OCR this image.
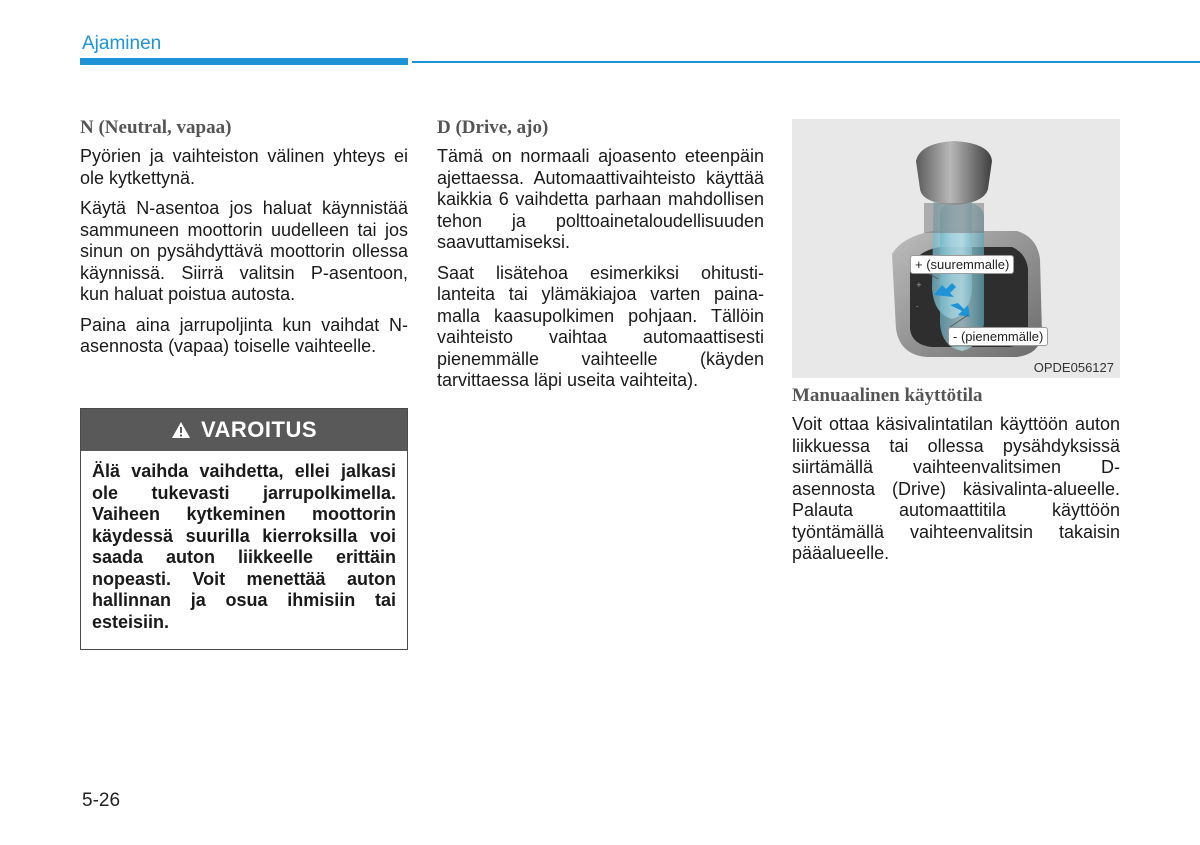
Ajaminen
N (Neutral, vapaa)

Pyörien ja vaihteiston välinen yhteys ei ole kytkettynä.

Käytä N-asentoa jos haluat käynnistää sammuneen moottorin uudelleen tai jos sinun on pysähdyttävä moottorin ollessa käynnissä. Siirrä valitsin P-asentoon, kun haluat poistua autosta.

Paina aina jarrupoljinta kun vaihdat N-asennosta (vapaa) toiselle vaihteelle.

VAROITUS
Älä vaihda vaihdetta, ellei jalkasi ole tukevasti jarrupolkimella. Vaiheen kytkeminen moottorin käydessä suurilla kierroksilla voi saada auton liikkeelle erittäin nopeasti. Voit menettää auton hallinnan ja osua ihmisiin tai esteisiin.
D (Drive, ajo)

Tämä on normaali ajoasento eteenpäin ajettaessa. Automaattivaihteisto käyttää kaikkia 6 vaihdetta parhaan mahdollisen tehon ja polttoainetaloudellisuuden saavuttamiseksi.

Saat lisätehoa esimerkiksi ohitustilanteita tai ylämäkiajoa varten painamalla kaasupolkimen pohjaan. Tällöin vaihteisto vaihtaa automaattisesti pienemmälle vaihteelle (käyden tarvittaessa läpi useita vaihteita).

+
-
+ (suuremmalle)
- (pienemmälle)
OPDE056127
Manuaalinen käyttötila

Voit ottaa käsivalintatilan käyttöön auton liikkuessa tai ollessa pysähdyksissä siirtämällä vaihteenvalitsimen D-asennosta (Drive) käsivalinta-alueelle. Palauta automaattitila käyttöön työntämällä vaihteenvalitsin takaisin pääalueelle.

5-26
